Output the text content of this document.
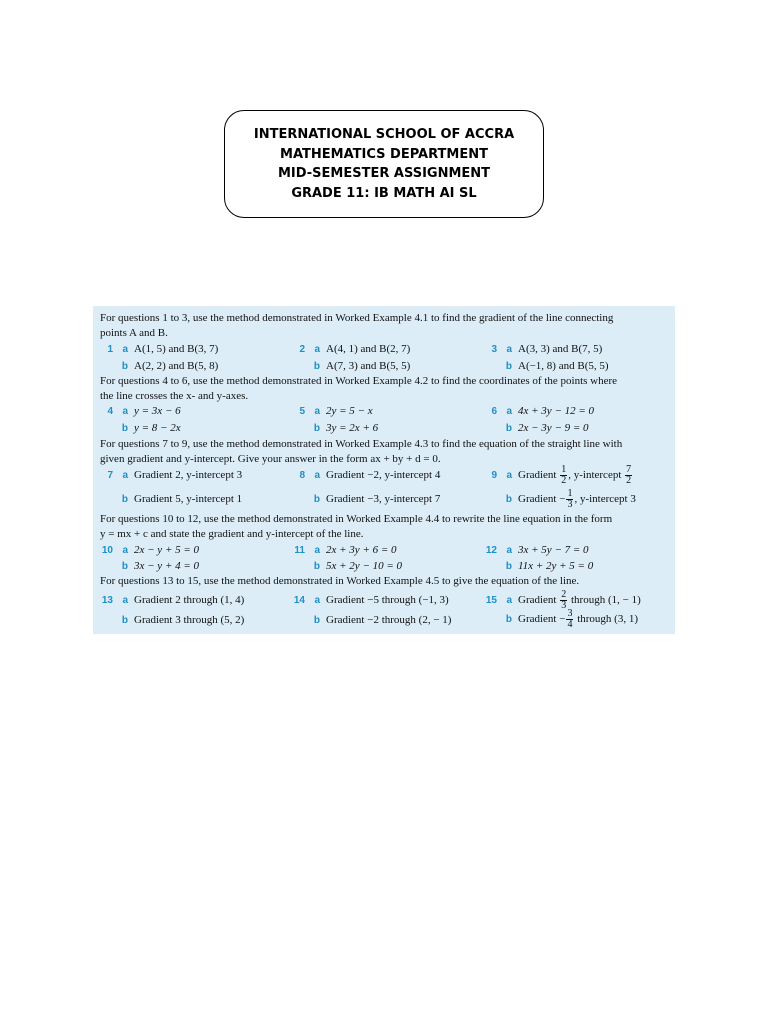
INTERNATIONAL SCHOOL OF ACCRA
MATHEMATICS DEPARTMENT
MID-SEMESTER ASSIGNMENT
GRADE 11: IB MATH AI SL
For questions 1 to 3, use the method demonstrated in Worked Example 4.1 to find the gradient of the line connecting
points A and B.
1 a A(1, 5) and B(3, 7)	2 a A(4, 1) and B(2, 7)	3 a A(3, 3) and B(7, 5)
b A(2, 2) and B(5, 8)	b A(7, 3) and B(5, 5)	b A(−1, 8) and B(5, 5)
For questions 4 to 6, use the method demonstrated in Worked Example 4.2 to find the coordinates of the points where
the line crosses the x- and y-axes.
4 a y = 3x − 6	5 a 2y = 5 − x	6 a 4x + 3y − 12 = 0
b y = 8 − 2x	b 3y = 2x + 6	b 2x − 3y − 9 = 0
For questions 7 to 9, use the method demonstrated in Worked Example 4.3 to find the equation of the straight line with
given gradient and y-intercept. Give your answer in the form ax + by + d = 0.
7 a Gradient 2, y-intercept 3	8 a Gradient −2, y-intercept 4	9 a Gradient $\frac{1}{2}$ , y-intercept $\frac{7}{2}$
b Gradient 5, y-intercept 1	b Gradient −3, y-intercept 7	b Gradient − $\frac{1}{3}$ , y-intercept 3
For questions 10 to 12, use the method demonstrated in Worked Example 4.4 to rewrite the line equation in the form
y = mx + c and state the gradient and y-intercept of the line.
10 a 2x − y + 5 = 0	11 a 2x + 3y + 6 = 0	12 a 3x + 5y − 7 = 0
b 3x − y + 4 = 0	b 5x + 2y − 10 = 0	b 11x + 2y + 5 = 0
For questions 13 to 15, use the method demonstrated in Worked Example 4.5 to give the equation of the line.
13 a Gradient 2 through (1, 4)	14 a Gradient −5 through (−1, 3)	15 a Gradient $\frac{2}{3}$ through (1, − 1)
b Gradient 3 through (5, 2)	b Gradient −2 through (2, − 1)	b Gradient − $\frac{3}{4}$ through (3, 1)
